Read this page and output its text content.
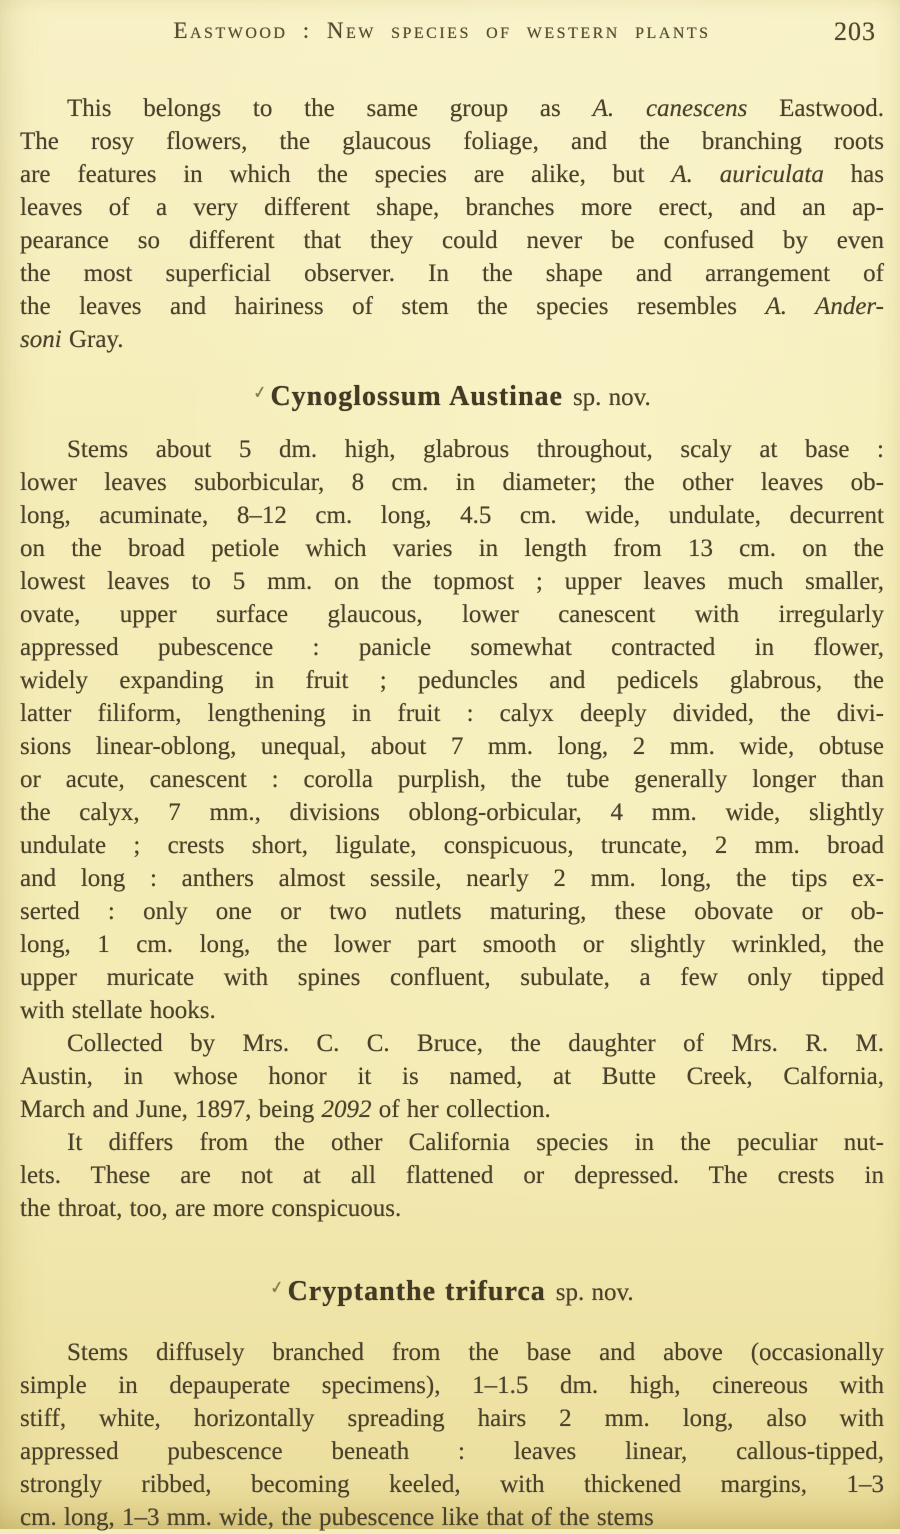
Eastwood : New species of western plants	203
This belongs to the same group as A. canescens Eastwood.
The rosy flowers, the glaucous foliage, and the branching roots
are features in which the species are alike, but A. auriculata has
leaves of a very different shape, branches more erect, and an ap-
pearance so different that they could never be confused by even
the most superficial observer. In the shape and arrangement of
the leaves and hairiness of stem the species resembles A. Ander-
soni Gray.
✓Cynoglossum Austinae sp. nov.
Stems about 5 dm. high, glabrous throughout, scaly at base :
lower leaves suborbicular, 8 cm. in diameter; the other leaves ob-
long, acuminate, 8–12 cm. long, 4.5 cm. wide, undulate, decurrent
on the broad petiole which varies in length from 13 cm. on the
lowest leaves to 5 mm. on the topmost ; upper leaves much smaller,
ovate, upper surface glaucous, lower canescent with irregularly
appressed pubescence : panicle somewhat contracted in flower,
widely expanding in fruit ; peduncles and pedicels glabrous, the
latter filiform, lengthening in fruit : calyx deeply divided, the divi-
sions linear-oblong, unequal, about 7 mm. long, 2 mm. wide, obtuse
or acute, canescent : corolla purplish, the tube generally longer than
the calyx, 7 mm., divisions oblong-orbicular, 4 mm. wide, slightly
undulate ; crests short, ligulate, conspicuous, truncate, 2 mm. broad
and long : anthers almost sessile, nearly 2 mm. long, the tips ex-
serted : only one or two nutlets maturing, these obovate or ob-
long, 1 cm. long, the lower part smooth or slightly wrinkled, the
upper muricate with spines confluent, subulate, a few only tipped
with stellate hooks.
Collected by Mrs. C. C. Bruce, the daughter of Mrs. R. M.
Austin, in whose honor it is named, at Butte Creek, Calfornia,
March and June, 1897, being 2092 of her collection.
It differs from the other California species in the peculiar nut-
lets. These are not at all flattened or depressed. The crests in
the throat, too, are more conspicuous.
✓Cryptanthe trifurca sp. nov.
Stems diffusely branched from the base and above (occasionally
simple in depauperate specimens), 1–1.5 dm. high, cinereous with
stiff, white, horizontally spreading hairs 2 mm. long, also with
appressed pubescence beneath : leaves linear, callous-tipped,
strongly ribbed, becoming keeled, with thickened margins, 1–3
cm. long, 1–3 mm. wide, the pubescence like that of the stems
